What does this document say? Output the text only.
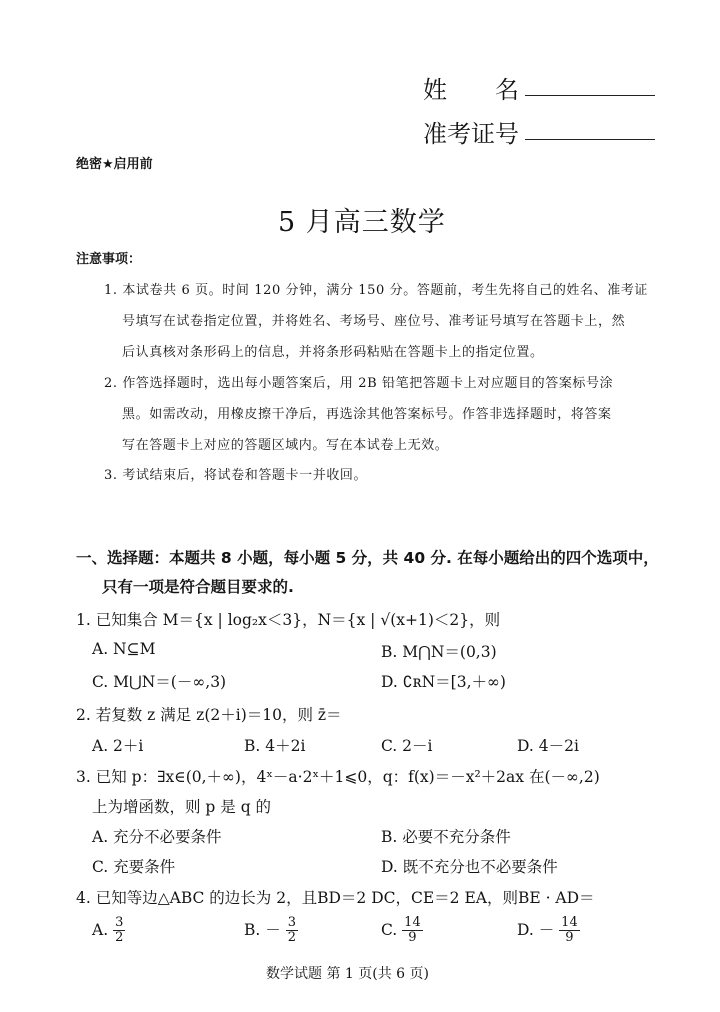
姓　　名
准考证号
绝密★启用前
5 月高三数学
注意事项：
1. 本试卷共 6 页。时间 120 分钟，满分 150 分。答题前，考生先将自己的姓名、准考证
号填写在试卷指定位置，并将姓名、考场号、座位号、准考证号填写在答题卡上，然
后认真核对条形码上的信息，并将条形码粘贴在答题卡上的指定位置。
2. 作答选择题时，选出每小题答案后，用 2B 铅笔把答题卡上对应题目的答案标号涂
黑。如需改动，用橡皮擦干净后，再选涂其他答案标号。作答非选择题时，将答案
写在答题卡上对应的答题区域内。写在本试卷上无效。
3. 考试结束后，将试卷和答题卡一并收回。
一、选择题：本题共 8 小题，每小题 5 分，共 40 分. 在每小题给出的四个选项中，
只有一项是符合题目要求的.
1. 已知集合 M＝{x | log₂x＜3}，N＝{x | √(x+1)＜2}，则
A. N⊆M	B. M⋂N＝(0,3)
C. M⋃N＝(－∞,3)	D. ∁ʀN＝[3,＋∞)
2. 若复数 z 满足 z(2＋i)＝10，则 z̄＝
A. 2＋i	B. 4＋2i	C. 2－i	D. 4－2i
3. 已知 p：∃x∈(0,＋∞)，4ˣ－a·2ˣ＋1⩽0，q：f(x)＝－x²＋2ax 在(－∞,2)
上为增函数，则 p 是 q 的
A. 充分不必要条件	B. 必要不充分条件
C. 充要条件	D. 既不充分也不必要条件
4. 已知等边△ABC 的边长为 2，且BD＝2 DC，CE＝2 EA，则BE · AD＝
A. $\frac{3}{2}$	B. － $\frac{3}{2}$	C. $\frac{14}{9}$	D. － $\frac{14}{9}$
数学试题 第 1 页(共 6 页)
